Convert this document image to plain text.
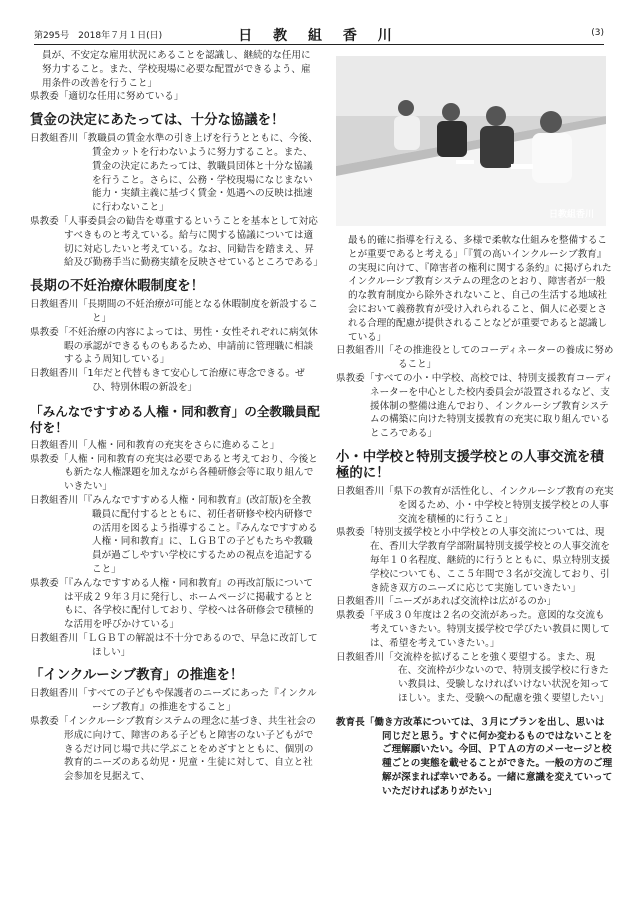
第295号　2018年７月１日(日)	日 教 組 香 川	(3)
日教組香川

員が、不安定な雇用状況にあることを認識し、継続的な任用に努力すること。また、学校現場に必要な配置ができるよう、雇用条件の改善を行うこと」

県教委「適切な任用に努めている」

賃金の決定にあたっては、十分な協議を！

日教組香川「教職員の賃金水準の引き上げを行うとともに、今後、賃金カットを行わないように努力すること。また、賃金の決定にあたっては、教職員団体と十分な協議を行うこと。さらに、公務・学校現場になじまない能力・実績主義に基づく賃金・処遇への反映は拙速に行わないこと」

県教委「人事委員会の勧告を尊重するということを基本として対応すべきものと考えている。給与に関する協議については適切に対応したいと考えている。なお、同勧告を踏まえ、昇給及び勤務手当に勤務実績を反映させているところである」

長期の不妊治療休暇制度を！

日教組香川「長期間の不妊治療が可能となる休暇制度を新設すること」

県教委「不妊治療の内容によっては、男性・女性それぞれに病気休暇の承認ができるものもあるため、申請前に管理職に相談するよう周知している」

日教組香川「1年だと代替もきて安心して治療に専念できる。ぜひ、特別休暇の新設を」

「みんなですすめる人権・同和教育」の全教職員配付を！

日教組香川「人権・同和教育の充実をさらに進めること」

県教委「人権・同和教育の充実は必要であると考えており、今後とも新たな人権課題を加えながら各種研修会等に取り組んでいきたい」

日教組香川「『みんなですすめる人権・同和教育』(改訂版)を全教職員に配付するとともに、初任者研修や校内研修での活用を図るよう指導すること。『みんなですすめる人権・同和教育』に、ＬＧＢＴの子どもたちや教職員が過ごしやすい学校にするための視点を追記すること」

県教委「『みんなですすめる人権・同和教育』の再改訂版については平成２９年３月に発行し、ホームページに掲載するとともに、各学校に配付しており、学校へは各研修会で積極的な活用を呼びかけている」

日教組香川「ＬＧＢＴの解説は不十分であるので、早急に改訂してほしい」

「インクルーシブ教育」の推進を！

日教組香川「すべての子どもや保護者のニーズにあった『インクルーシブ教育』の推進をすること」

県教委「インクルーシブ教育システムの理念に基づき、共生社会の形成に向けて、障害のある子どもと障害のない子どもができるだけ同じ場で共に学ぶことをめざすとともに、個別の教育的ニーズのある幼児・児童・生徒に対して、自立と社会参加を見据えて、

最も的確に指導を行える、多様で柔軟な仕組みを整備することが重要であると考える」「『質の高いインクルーシブ教育』の実現に向けて、『障害者の権利に関する条約』に掲げられたインクルーシブ教育システムの理念のとおり、障害者が一般的な教育制度から除外されないこと、自己の生活する地域社会において義務教育が受け入れられること、個人に必要とされる合理的配慮が提供されることなどが重要であると認識している」

日教組香川「その推進役としてのコーディネーターの養成に努めること」

県教委「すべての小・中学校、高校では、特別支援教育コーディネーターを中心とした校内委員会が設置されるなど、支援体制の整備は進んでおり、インクルーシブ教育システムの構築に向けた特別支援教育の充実に取り組んでいるところである」

小・中学校と特別支援学校との人事交流を積極的に！

日教組香川「県下の教育が活性化し、インクルーシブ教育の充実を図るため、小・中学校と特別支援学校との人事交流を積極的に行うこと」

県教委「特別支援学校と小中学校との人事交流については、現在、香川大学教育学部附属特別支援学校との人事交流を毎年１０名程度、継続的に行うとともに、県立特別支援学校についても、ここ５年間で３名が交流しており、引き続き双方のニーズに応じて実施していきたい」

日教組香川「ニーズがあれば交流枠は広がるのか」

県教委「平成３０年度は２名の交流があった。意図的な交流も考えていきたい。特別支援学校で学びたい教員に関しては、希望を考えていきたい。」

日教組香川「交流枠を拡げることを強く要望する。また、現在、交流枠が少ないので、特別支援学校に行きたい教員は、受験しなければいけない状況を知ってほしい。また、受験への配慮を強く要望したい」

教育長「働き方改革については、３月にプランを出し、思いは同じだと思う。すぐに何か変わるものではないことをご理解願いたい。今回、ＰＴＡの方のメーセージと校種ごとの実態を載せることができた。一般の方のご理解が深まれば幸いである。一緒に意識を変えていっていただければありがたい」
